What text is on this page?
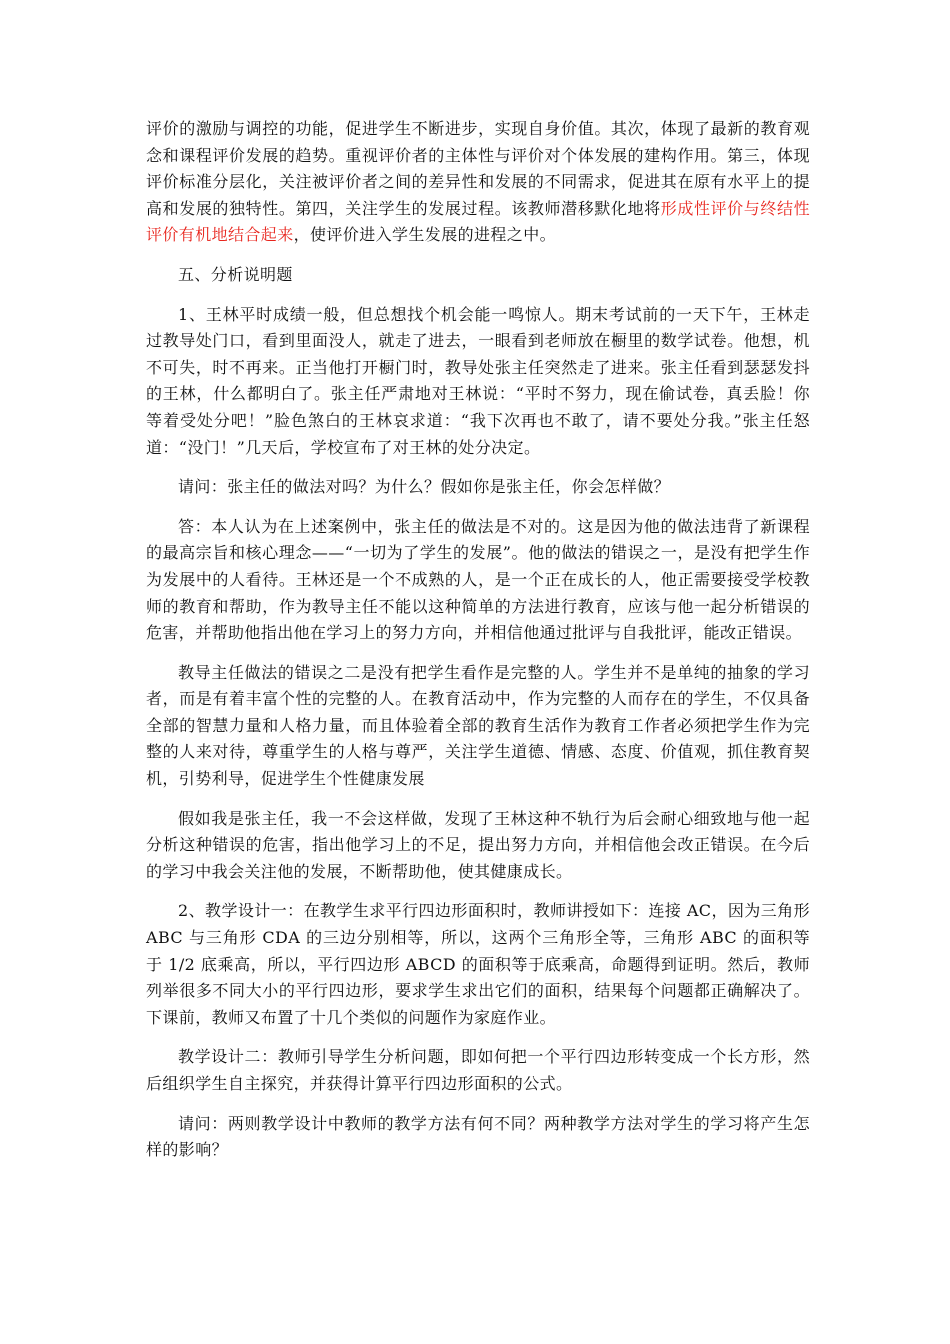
评价的激励与调控的功能，促进学生不断进步，实现自身价值。其次，体现了最新的教育观念和课程评价发展的趋势。重视评价者的主体性与评价对个体发展的建构作用。第三，体现评价标准分层化，关注被评价者之间的差异性和发展的不同需求，促进其在原有水平上的提高和发展的独特性。第四，关注学生的发展过程。该教师潜移默化地将形成性评价与终结性评价有机地结合起来，使评价进入学生发展的进程之中。

五、分析说明题

1、王林平时成绩一般，但总想找个机会能一鸣惊人。期末考试前的一天下午，王林走过教导处门口，看到里面没人，就走了进去，一眼看到老师放在橱里的数学试卷。他想，机不可失，时不再来。正当他打开橱门时，教导处张主任突然走了进来。张主任看到瑟瑟发抖的王林，什么都明白了。张主任严肃地对王林说：“平时不努力，现在偷试卷，真丢脸！你等着受处分吧！”脸色煞白的王林哀求道：“我下次再也不敢了，请不要处分我。”张主任怒道：“没门！”几天后，学校宣布了对王林的处分决定。

请问：张主任的做法对吗？为什么？假如你是张主任，你会怎样做？

答：本人认为在上述案例中，张主任的做法是不对的。这是因为他的做法违背了新课程的最高宗旨和核心理念——“一切为了学生的发展”。他的做法的错误之一，是没有把学生作为发展中的人看待。王林还是一个不成熟的人，是一个正在成长的人，他正需要接受学校教师的教育和帮助，作为教导主任不能以这种简单的方法进行教育，应该与他一起分析错误的危害，并帮助他指出他在学习上的努力方向，并相信他通过批评与自我批评，能改正错误。

教导主任做法的错误之二是没有把学生看作是完整的人。学生并不是单纯的抽象的学习者，而是有着丰富个性的完整的人。在教育活动中，作为完整的人而存在的学生，不仅具备全部的智慧力量和人格力量，而且体验着全部的教育生活作为教育工作者必须把学生作为完整的人来对待，尊重学生的人格与尊严，关注学生道德、情感、态度、价值观，抓住教育契机，引势利导，促进学生个性健康发展

假如我是张主任，我一不会这样做，发现了王林这种不轨行为后会耐心细致地与他一起分析这种错误的危害，指出他学习上的不足，提出努力方向，并相信他会改正错误。在今后的学习中我会关注他的发展，不断帮助他，使其健康成长。

2、教学设计一：在教学生求平行四边形面积时，教师讲授如下：连接 AC，因为三角形 ABC 与三角形 CDA 的三边分别相等，所以，这两个三角形全等，三角形 ABC 的面积等于 1/2 底乘高，所以，平行四边形 ABCD 的面积等于底乘高，命题得到证明。然后，教师列举很多不同大小的平行四边形，要求学生求出它们的面积，结果每个问题都正确解决了。下课前，教师又布置了十几个类似的问题作为家庭作业。

教学设计二：教师引导学生分析问题，即如何把一个平行四边形转变成一个长方形，然后组织学生自主探究，并获得计算平行四边形面积的公式。

请问：两则教学设计中教师的教学方法有何不同？两种教学方法对学生的学习将产生怎样的影响？
